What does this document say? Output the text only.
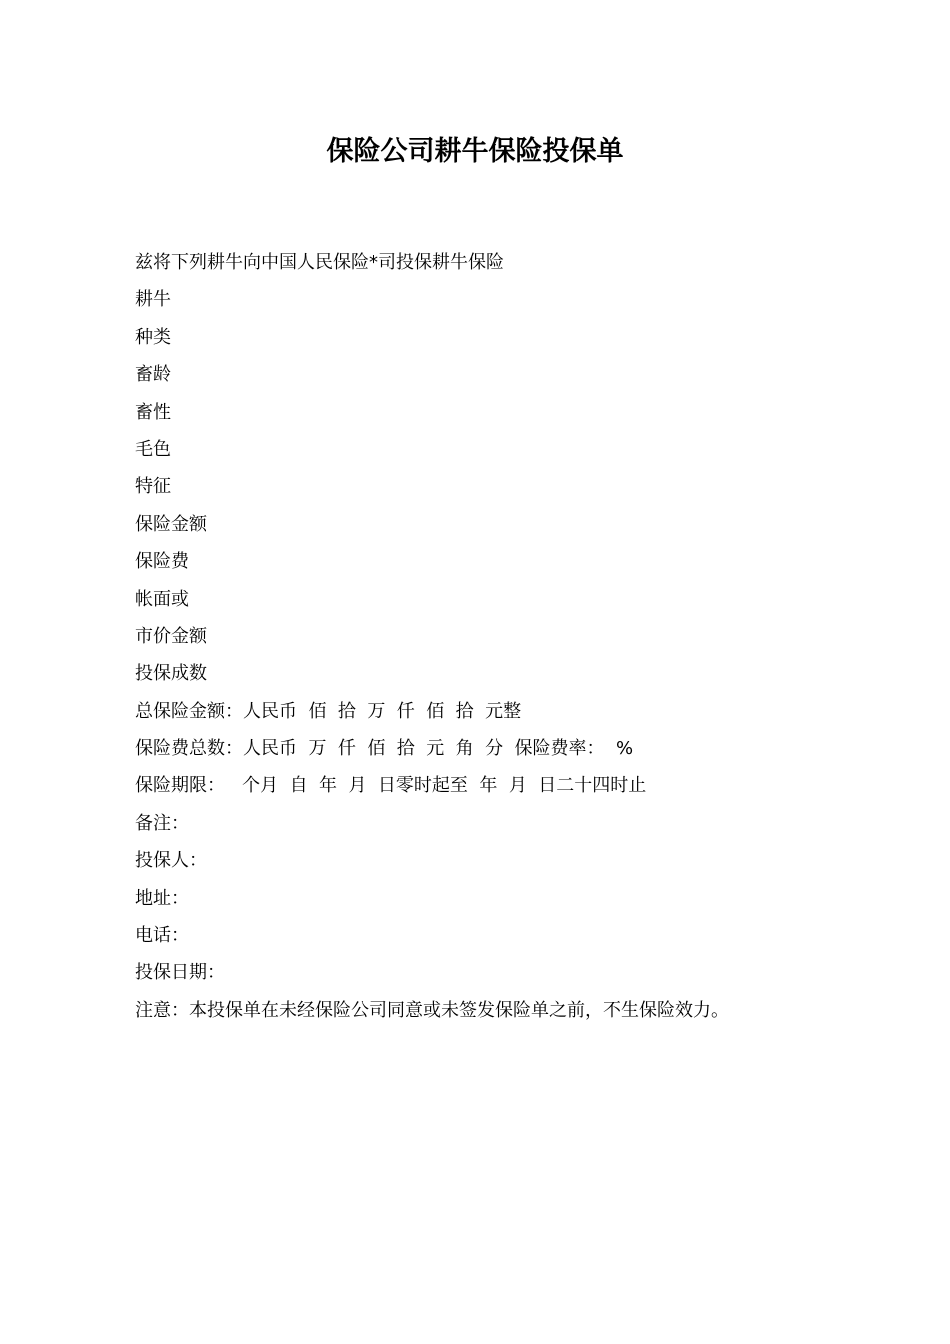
保险公司耕牛保险投保单
兹将下列耕牛向中国人民保险*司投保耕牛保险
耕牛
种类
畜龄
畜性
毛色
特征
保险金额
保险费
帐面或
市价金额
投保成数
总保险金额：人民币  佰  拾  万  仟  佰  拾  元整
保险费总数：人民币  万  仟  佰  拾  元  角  分  保险费率：  %
保险期限：   个月  自  年  月  日零时起至  年  月  日二十四时止
备注：
投保人：
地址：
电话：
投保日期：
注意：本投保单在未经保险公司同意或未签发保险单之前，不生保险效力。
